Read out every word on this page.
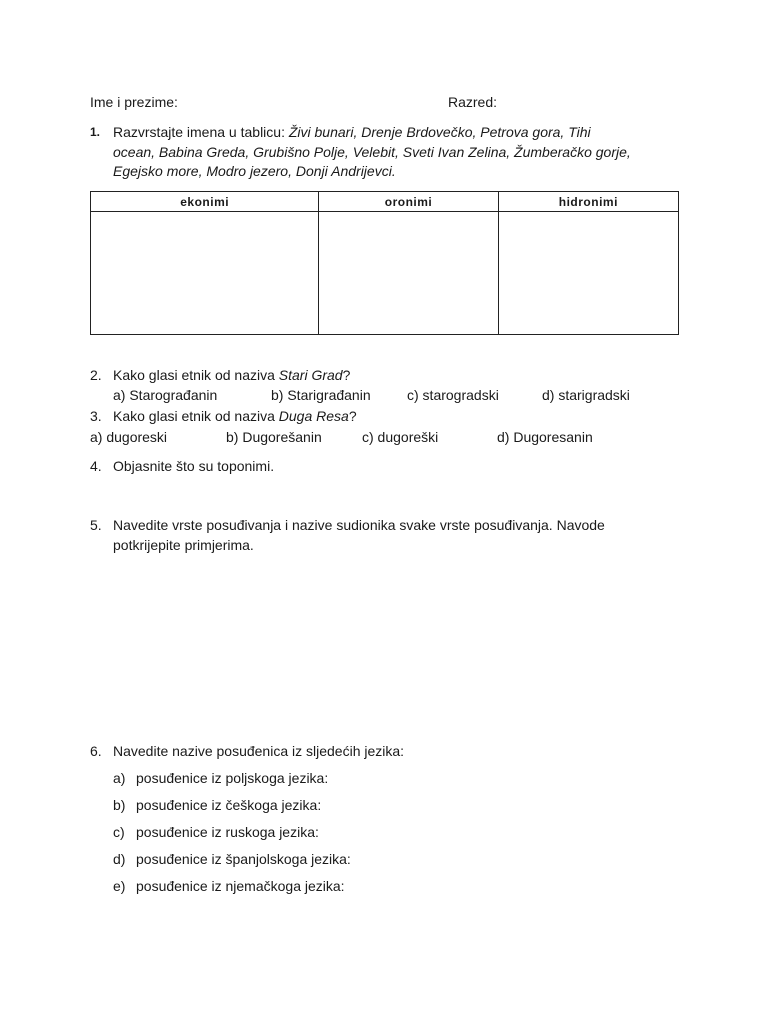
Ime i prezime:	Razred:
1. Razvrstajte imena u tablicu: Živi bunari, Drenje Brdovečko, Petrova gora, Tihi
ocean, Babina Greda, Grubišno Polje, Velebit, Sveti Ivan Zelina, Žumberačko gorje,
Egejsko more, Modro jezero, Donji Andrijevci.
ekonimi	oronimi	hidronimi

2. Kako glasi etnik od naziva Stari Grad?
a) Starograđanin	b) Starigrađanin	c) starogradski	d) starigradski
3. Kako glasi etnik od naziva Duga Resa?
a) dugoreski	b) Dugorešanin	c) dugoreški	d) Dugoresanin
4. Objasnite što su toponimi.
5. Navedite vrste posuđivanja i nazive sudionika svake vrste posuđivanja. Navode
potkrijepite primjerima.
6. Navedite nazive posuđenica iz sljedećih jezika:
a) posuđenice iz poljskoga jezika:
b) posuđenice iz češkoga jezika:
c) posuđenice iz ruskoga jezika:
d) posuđenice iz španjolskoga jezika:
e) posuđenice iz njemačkoga jezika:
